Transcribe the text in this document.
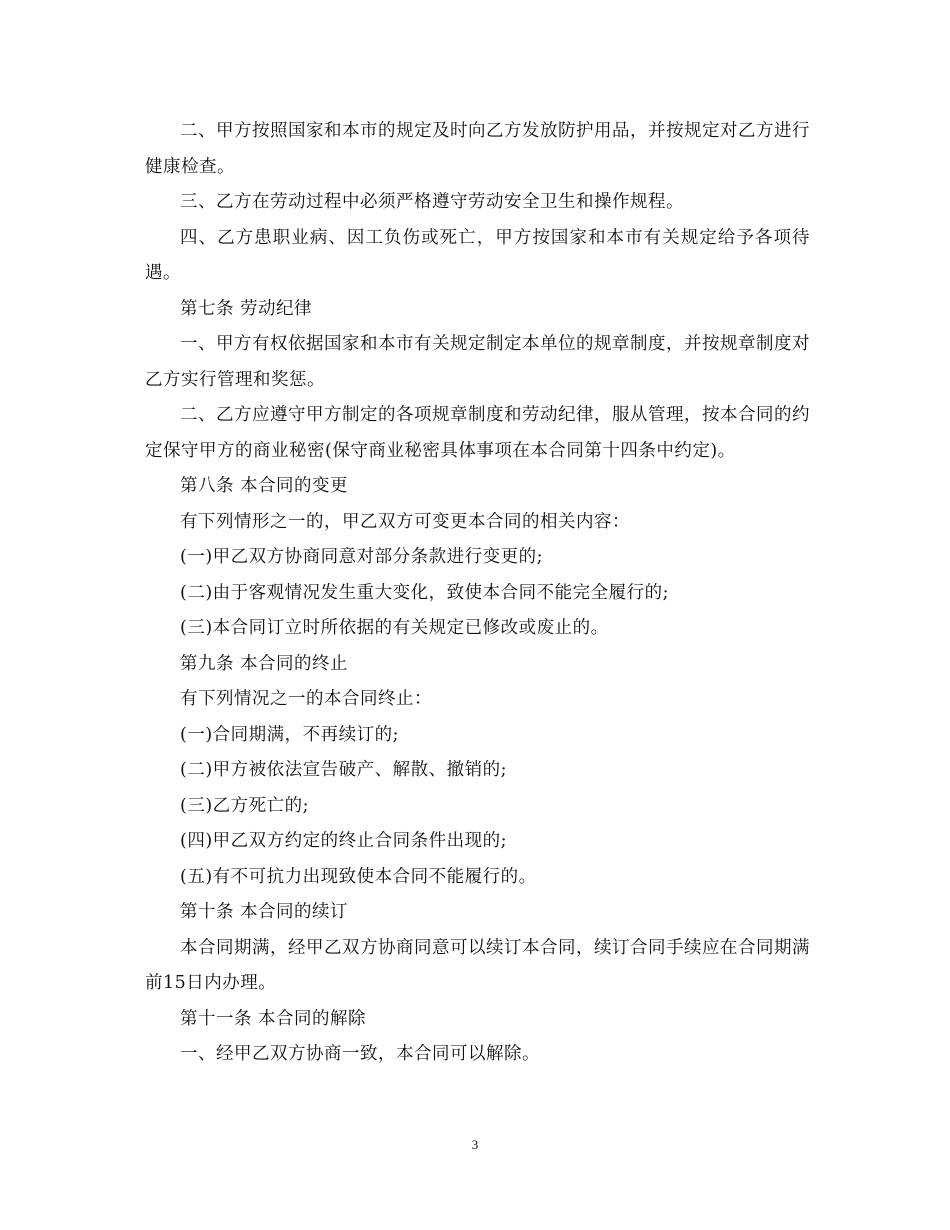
二、甲方按照国家和本市的规定及时向乙方发放防护用品，并按规定对乙方进行健康检查。

三、乙方在劳动过程中必须严格遵守劳动安全卫生和操作规程。

四、乙方患职业病、因工负伤或死亡，甲方按国家和本市有关规定给予各项待遇。

第七条 劳动纪律

一、甲方有权依据国家和本市有关规定制定本单位的规章制度，并按规章制度对乙方实行管理和奖惩。

二、乙方应遵守甲方制定的各项规章制度和劳动纪律，服从管理，按本合同的约定保守甲方的商业秘密(保守商业秘密具体事项在本合同第十四条中约定)。

第八条 本合同的变更

有下列情形之一的，甲乙双方可变更本合同的相关内容：

(一)甲乙双方协商同意对部分条款进行变更的;

(二)由于客观情况发生重大变化，致使本合同不能完全履行的;

(三)本合同订立时所依据的有关规定已修改或废止的。

第九条 本合同的终止

有下列情况之一的本合同终止：

(一)合同期满，不再续订的;

(二)甲方被依法宣告破产、解散、撤销的;

(三)乙方死亡的;

(四)甲乙双方约定的终止合同条件出现的;

(五)有不可抗力出现致使本合同不能履行的。

第十条 本合同的续订

本合同期满，经甲乙双方协商同意可以续订本合同，续订合同手续应在合同期满前15日内办理。

第十一条 本合同的解除

一、经甲乙双方协商一致，本合同可以解除。

3
